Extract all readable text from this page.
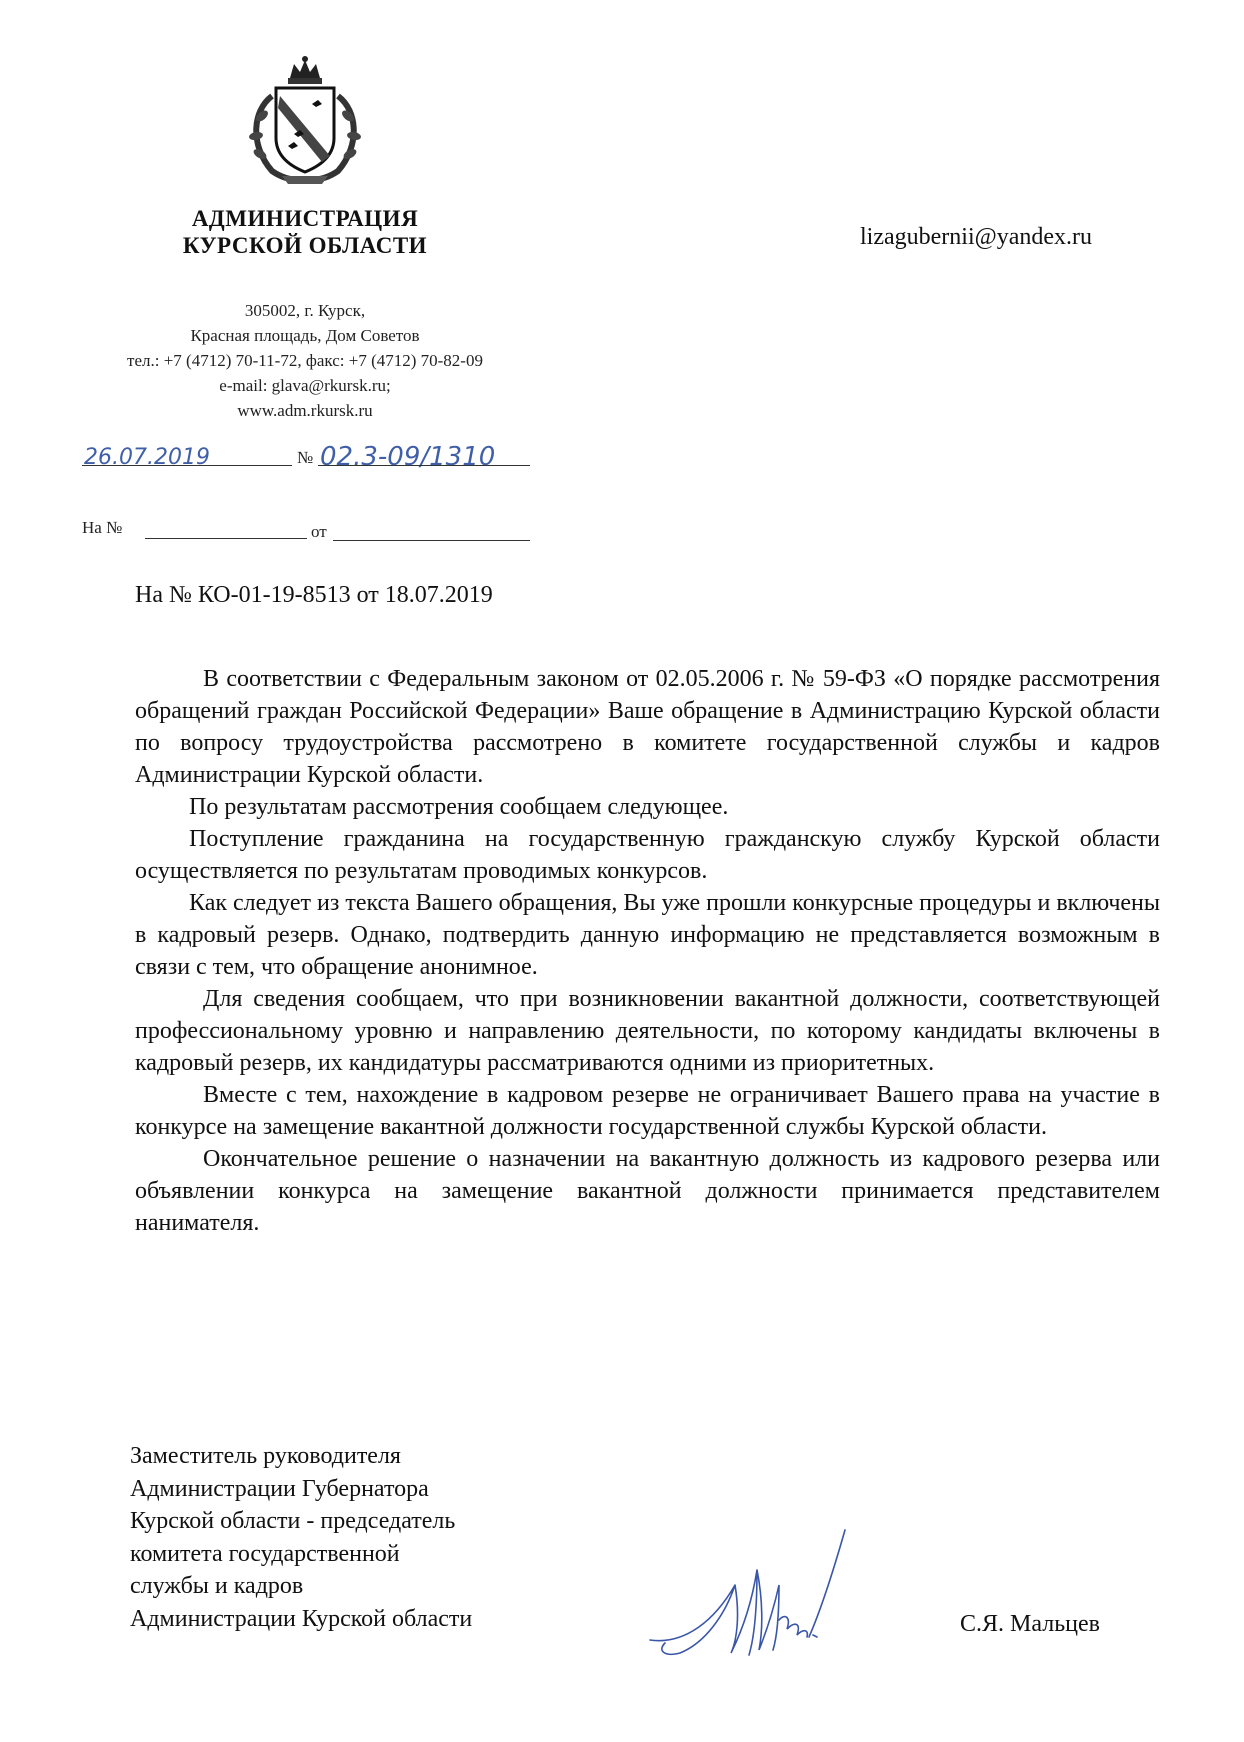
АДМИНИСТРАЦИЯ
КУРСКОЙ ОБЛАСТИ
305002, г. Курск,
Красная площадь, Дом Советов
тел.: +7 (4712) 70-11-72, факс: +7 (4712) 70-82-09
e-mail: glava@rkursk.ru;
www.adm.rkursk.ru
lizagubernii@yandex.ru
26.07.2019	№ 02.3-09/1310
На №	от
На № КО-01-19-8513 от 18.07.2019

В соответствии с Федеральным законом от 02.05.2006 г. № 59-ФЗ «О порядке рассмотрения обращений граждан Российской Федерации» Ваше обращение в Администрацию Курской области по вопросу трудоустройства рассмотрено в комитете государственной службы и кадров Администрации Курской области.

По результатам рассмотрения сообщаем следующее.

Поступление гражданина на государственную гражданскую службу Курской области осуществляется по результатам проводимых конкурсов.

Как следует из текста Вашего обращения, Вы уже прошли конкурсные процедуры и включены в кадровый резерв. Однако, подтвердить данную информацию не представляется возможным в связи с тем, что обращение анонимное.

Для сведения сообщаем, что при возникновении вакантной должности, соответствующей профессиональному уровню и направлению деятельности, по которому кандидаты включены в кадровый резерв, их кандидатуры рассматриваются одними из приоритетных.

Вместе с тем, нахождение в кадровом резерве не ограничивает Вашего права на участие в конкурсе на замещение вакантной должности государственной службы Курской области.

Окончательное решение о назначении на вакантную должность из кадрового резерва или объявлении конкурса на замещение вакантной должности принимается представителем нанимателя.

Заместитель руководителя
Администрации Губернатора
Курской области - председатель
комитета государственной
службы и кадров
Администрации Курской области	С.Я. Мальцев
